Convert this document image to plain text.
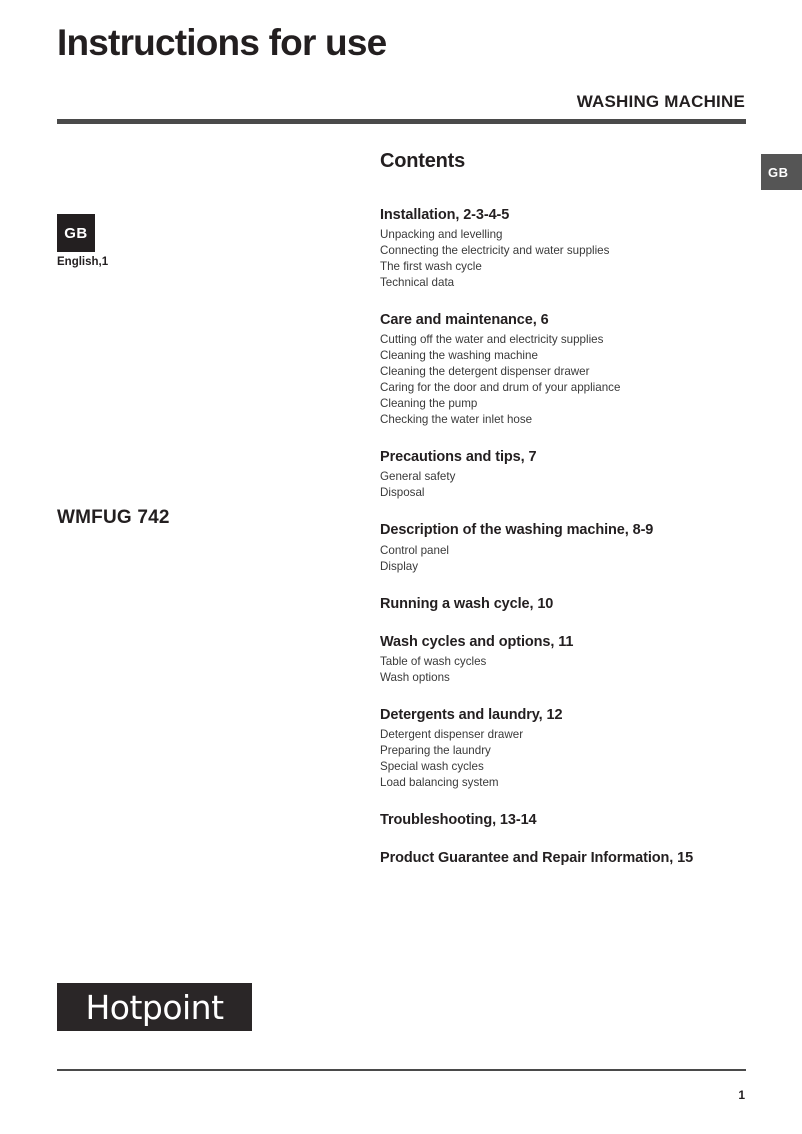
Instructions for use
WASHING MACHINE
GB
GB
English,1
WMFUG 742
Contents
Installation, 2-3-4-5
Unpacking and levelling
Connecting the electricity and water supplies
The first wash cycle
Technical data
Care and maintenance, 6
Cutting off the water and electricity supplies
Cleaning the washing machine
Cleaning the detergent dispenser drawer
Caring for the door and drum of your appliance
Cleaning the pump
Checking the water inlet hose
Precautions and tips, 7
General safety
Disposal
Description of the washing machine, 8-9
Control panel
Display
Running a wash cycle, 10
Wash cycles and options, 11
Table of wash cycles
Wash options
Detergents and laundry, 12
Detergent dispenser drawer
Preparing the laundry
Special wash cycles
Load balancing system
Troubleshooting, 13-14
Product Guarantee and Repair Information, 15
Hotpoint
1
